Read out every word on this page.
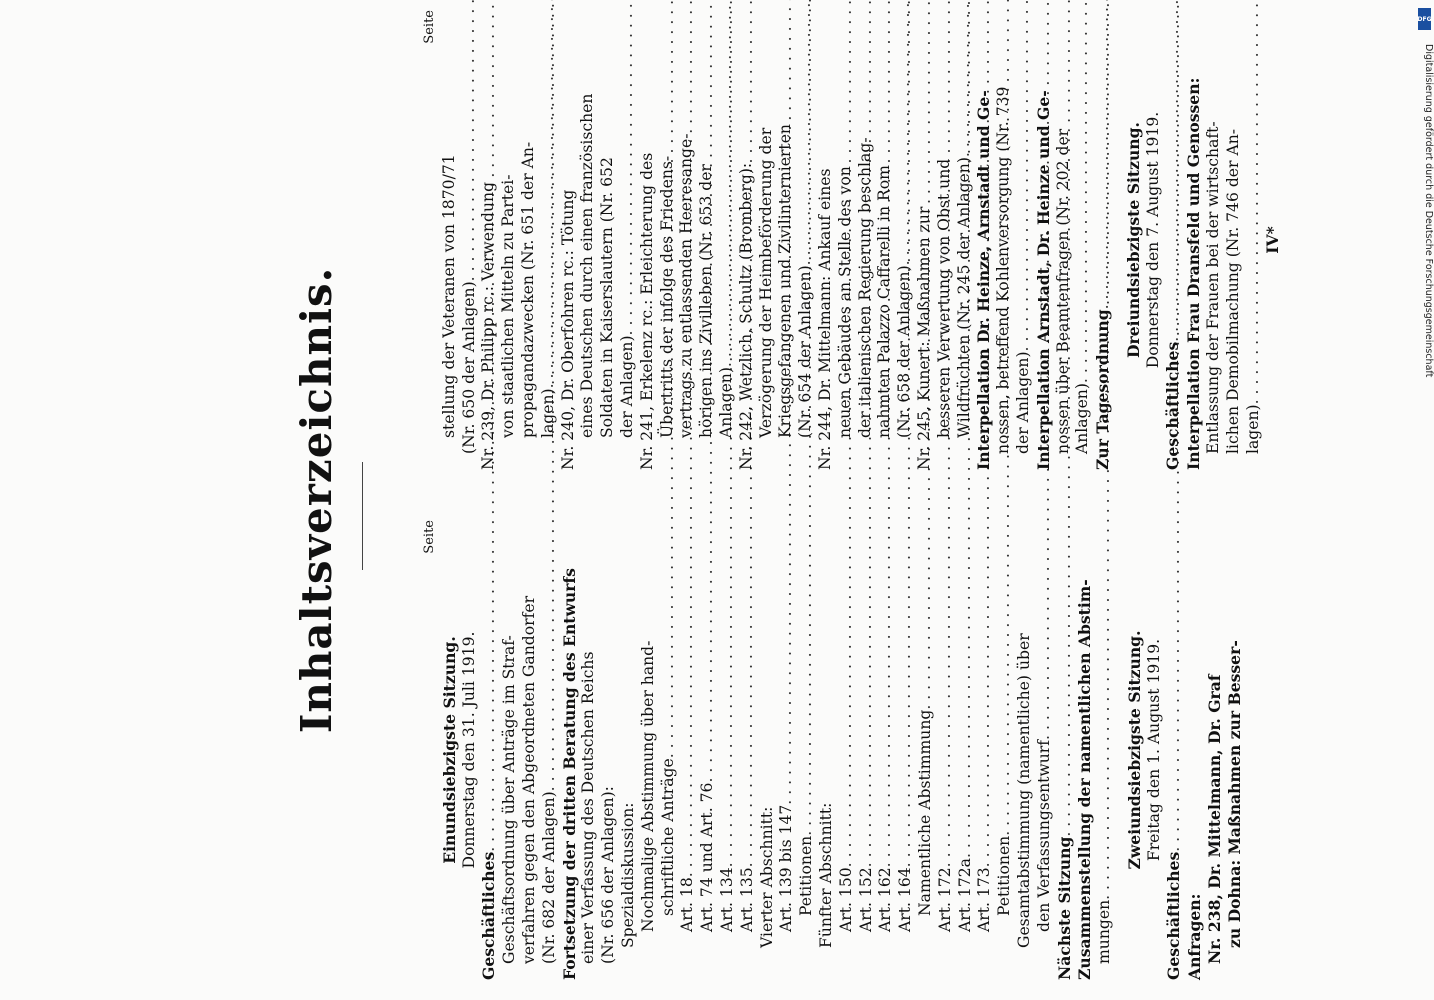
DFG
Digitalisierung gefördert durch die Deutsche Forschungsgemeinschaft
Inhaltsverzeichnis.	Seite
Einundsiebzigste Sitzung. Donnerstag den 31. Juli 1919.
Geschäftliches . . . Geschäftsordnung über Anträge im Straf- verfahren gegen den Abgeordneten Gandorfer (Nr. 682 der Anlagen) . . . Fortsetzung der dritten Beratung des Entwurfs einer Verfassung des Deutschen Reichs (Nr. 656 der Anlagen): Spezialdiskussion: Nochmalige Abstimmung über hand- schriftliche Anträge
. . . Art. 18 . . . Art. 74 und Art. 76
. . . Art. 134
. . . Art. 135
. . . Vierter Abschnitt: Art. 139 bis 147
. . . Petitionen
. . . Fünfter Abschnitt: Art. 150
. . . Art. 152
. . . Art. 162
. . . Art. 164 . . . Namentliche Abstimmung
. . . Art. 172
. . . Art. 172a
. . . Art. 173
. . . Petitionen . . . Gesamtabstimmung (namentliche) über den Verfassungsentwurf
. . . Nächste Sitzung . . . Zusammenstellung der namentlichen Abstim- mungen
. . .
Zweiundsiebzigste Sitzung. Freitag den 1. August 1919.
Geschäftliches
. . . Anfragen: Nr. 238, Dr. Mittelmann, Dr. Graf zu Dohna: Maßnahmen zur Besser-
Seite
stellung der Veteranen von 1870/71 (Nr. 650 der Anlagen)
. . . Nr. 239, Dr. Philipp rc.: Verwendung von staatlichen Mitteln zu Partei- propagandazwecken (Nr. 651 der An- lagen) . . . Nr. 240, Dr. Oberfohren rc.: Tötung eines Deutschen durch einen französischen Soldaten in Kaiserslautern (Nr. 652 der Anlagen) . . . Nr. 241, Erkelenz rc.: Erleichterung des Übertritts der infolge des Friedens- vertrags zu entlassenden Heeresange- hörigen ins Zivilleben (Nr. 653 der Anlagen) . . . Nr. 242, Wetzlich, Schultz (Bromberg): Verzögerung der Heimbeförderung der Kriegsgefangenen und Zivilinternierten (Nr. 654 der Anlagen)
. . . Nr. 244, Dr. Mittelmann: Ankauf eines neuen Gebäudes an Stelle des von der italienischen Regierung beschlag- nahmten Palazzo Caffarelli in Rom (Nr. 658 der Anlagen)
. . . Nr. 245, Kunert: Maßnahmen zur besseren Verwertung von Obst und Wildfrüchten (Nr. 245 der Anlagen)
. . . Interpellation Dr. Heinze, Arnstadt und Ge- nossen, betreffend Kohlenversorgung (Nr. 739 der Anlagen) . . . Interpellation Arnstadt, Dr. Heinze und Ge- nossen über Beamtenfragen (Nr. 202 der Anlagen)
. . . Zur Tagesordnung
. . .
Dreiundsiebzigste Sitzung. Donnerstag den 7. August 1919.
Geschäftliches . . . Interpellation Frau Dransfeld und Genossen: Entlassung der Frauen bei der wirtschaft- lichen Demobilmachung (Nr. 746 der An- lagen)
. . .
IV*
